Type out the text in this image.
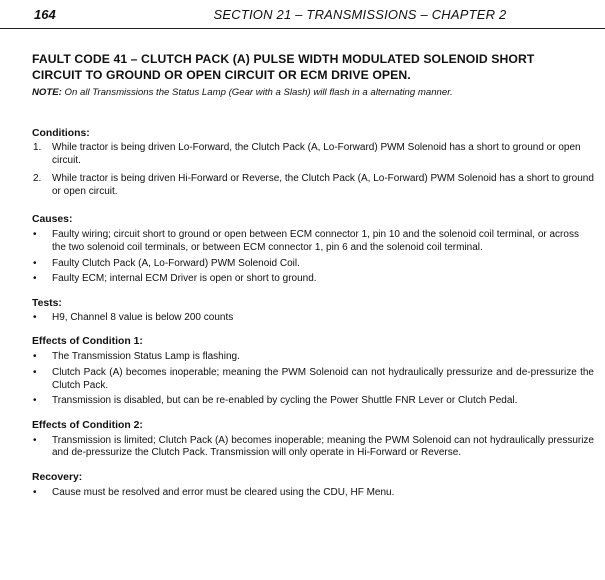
164	SECTION 21 – TRANSMISSIONS – CHAPTER 2
FAULT CODE 41 – CLUTCH PACK (A) PULSE WIDTH MODULATED SOLENOID SHORT
CIRCUIT TO GROUND OR OPEN CIRCUIT OR ECM DRIVE OPEN.
NOTE: On all Transmissions the Status Lamp (Gear with a Slash) will flash in a alternating manner.
Conditions:
1.	While tractor is being driven Lo-Forward, the Clutch Pack (A, Lo-Forward) PWM Solenoid has a short to ground or open circuit.
2.	While tractor is being driven Hi-Forward or Reverse, the Clutch Pack (A, Lo-Forward) PWM Solenoid has a short to ground or open circuit.
Causes:
•	Faulty wiring; circuit short to ground or open between ECM connector 1, pin 10 and the solenoid coil terminal, or across the two solenoid coil terminals, or between ECM connector 1, pin 6 and the solenoid coil terminal.
•	Faulty Clutch Pack (A, Lo-Forward) PWM Solenoid Coil.
•	Faulty ECM; internal ECM Driver is open or short to ground.
Tests:
•	H9, Channel 8 value is below 200 counts
Effects of Condition 1:
•	The Transmission Status Lamp is flashing.
•	Clutch Pack (A) becomes inoperable; meaning the PWM Solenoid can not hydraulically pressurize and de-pressurize the Clutch Pack.
•	Transmission is disabled, but can be re-enabled by cycling the Power Shuttle FNR Lever or Clutch Pedal.
Effects of Condition 2:
•	Transmission is limited; Clutch Pack (A) becomes inoperable; meaning the PWM Solenoid can not hydraulically pressurize and de-pressurize the Clutch Pack. Transmission will only operate in Hi-Forward or Reverse.
Recovery:
•	Cause must be resolved and error must be cleared using the CDU, HF Menu.
